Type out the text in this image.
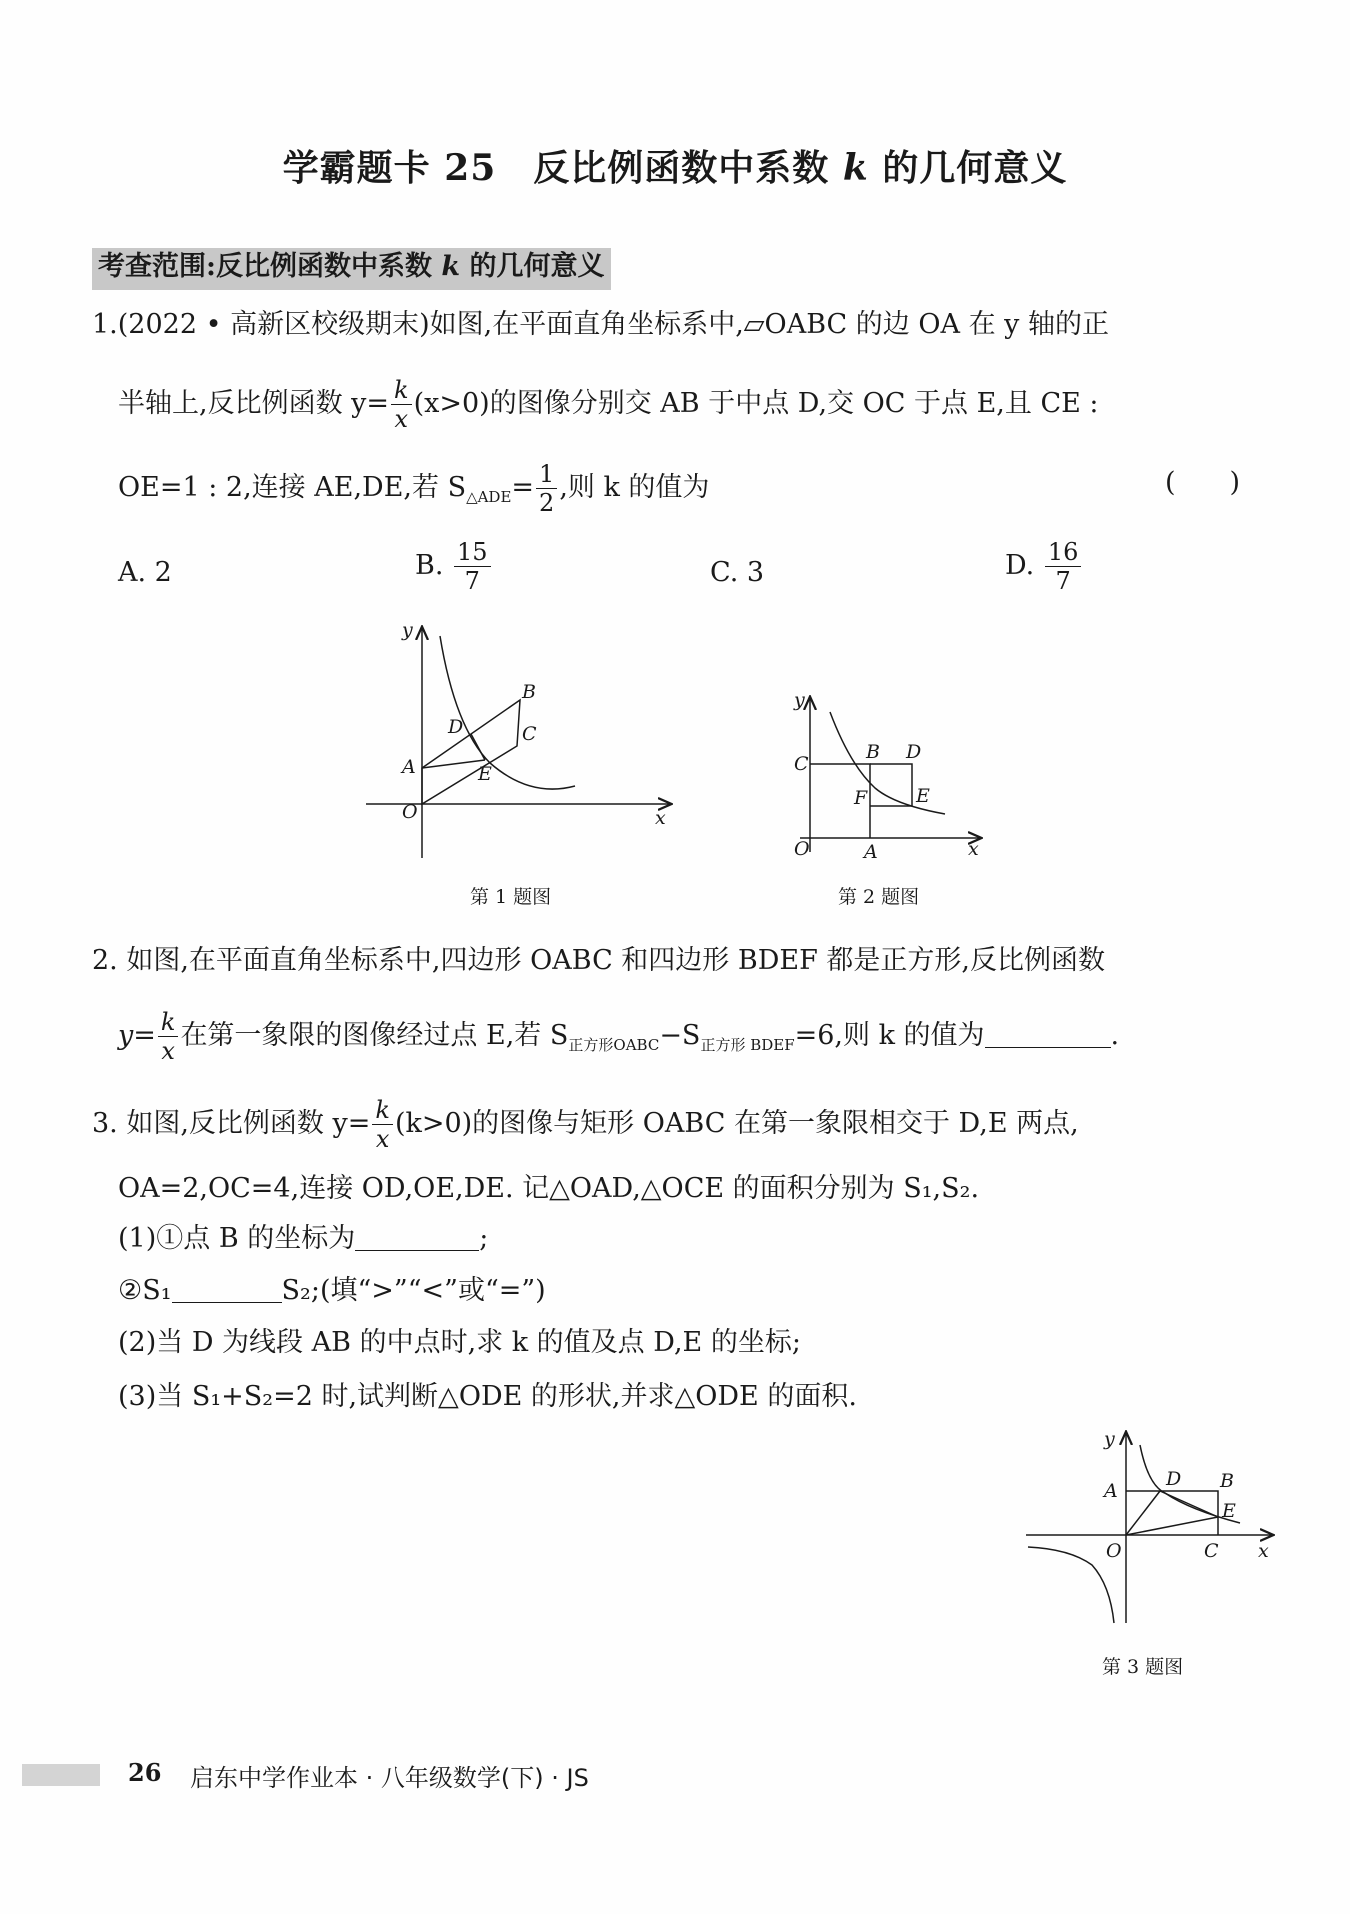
学霸题卡 25　反比例函数中系数 k 的几何意义
考查范围:反比例函数中系数 k 的几何意义
1.(2022 • 高新区校级期末)如图,在平面直角坐标系中,▱OABC 的边 OA 在 y 轴的正
半轴上,反比例函数 $y= \frac{k}{x} (x>0)$的图像分别交 AB 于中点 D,交 OC 于点 E,且 CE :
OE=1 : 2,连接 AE,DE,若 $S_{\triangle ADE}= \frac{1}{2}$ ,则 k 的值为	(　　)
A. 2	B. $\frac{15}{7}$	C. 3	D. $\frac{16}{7}$
y
x
O
A
B
C
D
E
第 1 题图
y
x
O	A
C
B D
E
F
第 2 题图
2. 如图,在平面直角坐标系中,四边形 OABC 和四边形 BDEF 都是正方形,反比例函数
$y= \frac{k}{x}$ 在第一象限的图像经过点 E,若 $S_{正方形OABC}-S_{正方形 BDEF}=6$,则 k 的值为	.
3. 如图,反比例函数 $y= \frac{k}{x} (k>0)$的图像与矩形 OABC 在第一象限相交于 D,E 两点,
OA=2,OC=4,连接 OD,OE,DE. 记△OAD,△OCE 的面积分别为 S₁,S₂.
(1)①点 B 的坐标为	;
②S₁	S₂;(填“>”“<”或“=”)
(2)当 D 为线段 AB 的中点时,求 k 的值及点 D,E 的坐标;
(3)当 S₁+S₂=2 时,试判断△ODE 的形状,并求△ODE 的面积.
y
x
O
A
D B
E
C
第 3 题图
26 启东中学作业本 · 八年级数学(下) · JS
